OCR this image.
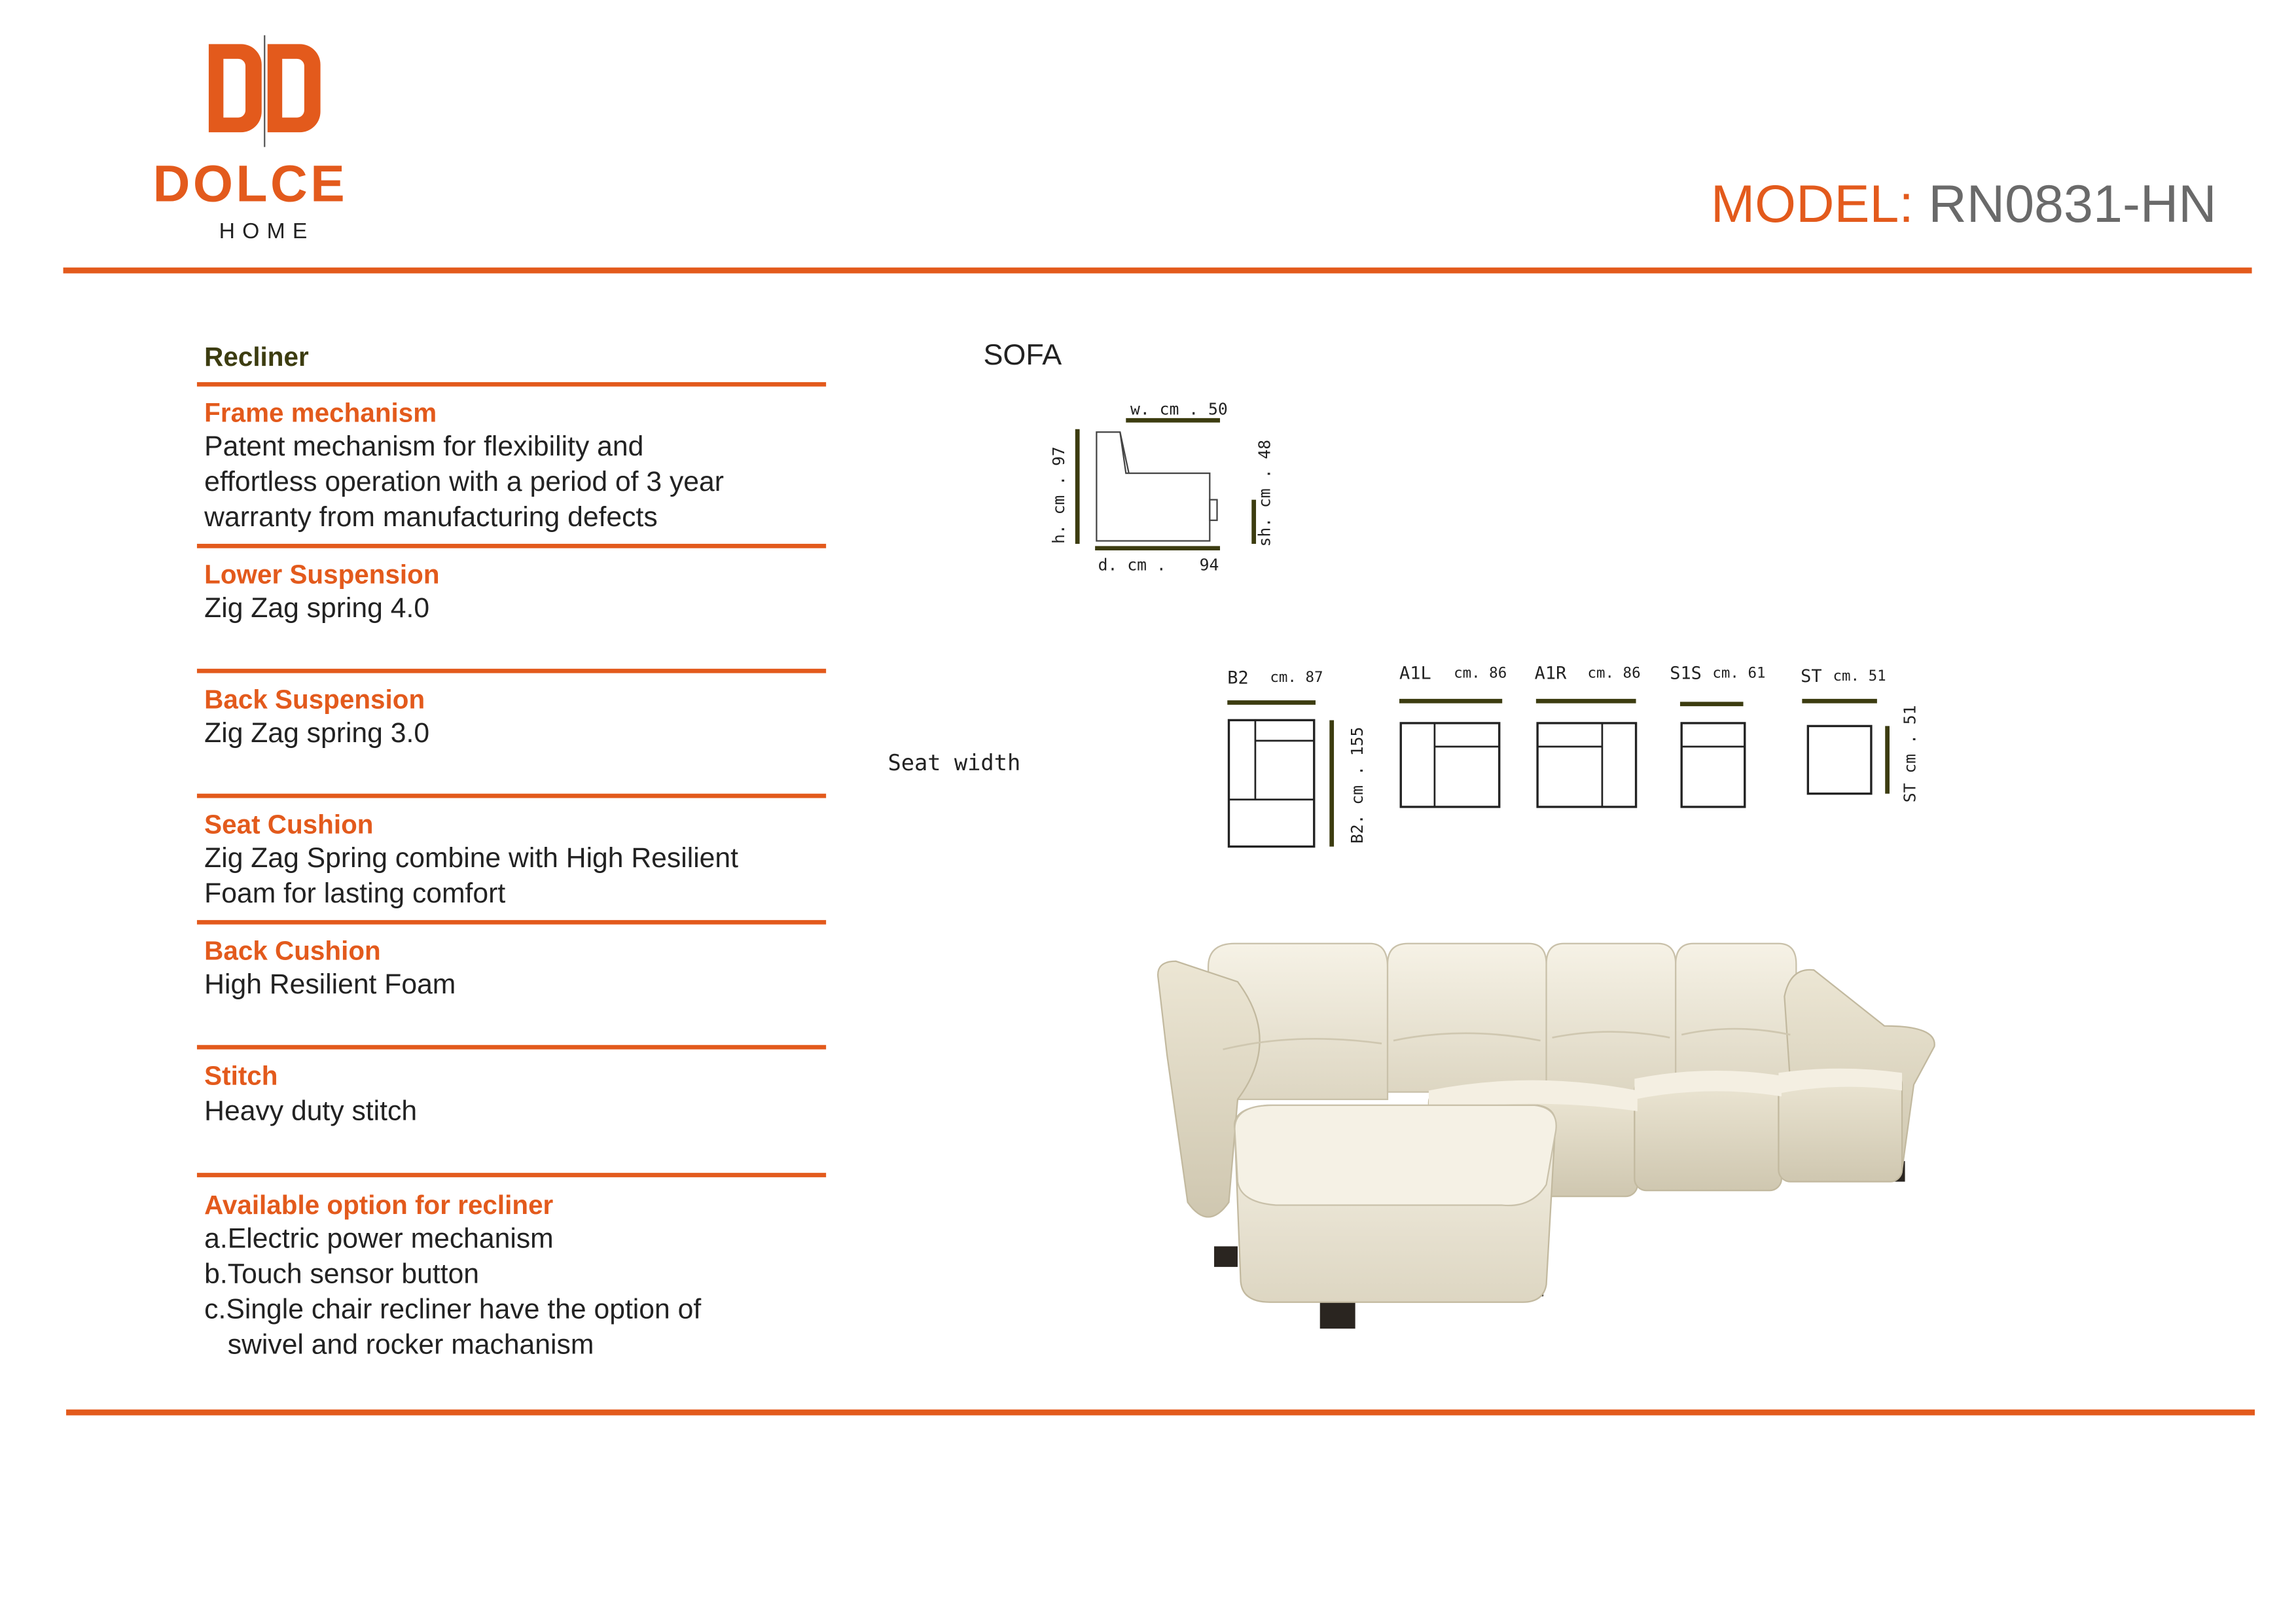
DOLCE
HOME	MODEL: RN0831-HN
Recliner
Frame mechanism
Patent mechanism for flexibility and
effortless operation with a period of 3 year
warranty from manufacturing defects
Lower Suspension
Zig Zag spring 4.0
Back Suspension
Zig Zag spring 3.0
Seat Cushion
Zig Zag Spring combine with High Resilient
Foam for lasting comfort
Back Cushion
High Resilient Foam
Stitch
Heavy duty stitch
Available option for recliner
a.Electric power mechanism
b.Touch sensor button
c.Single chair recliner have the option of
swivel and rocker machanism
SOFA
w. cm . 50
h. cm . 97	sh. cm . 48
d. cm .	94
Seat width
B2	cm. 87
B2. cm . 155
A1L	cm. 86	A1R	cm. 86	S1S cm. 61	ST cm. 51
ST cm . 51
